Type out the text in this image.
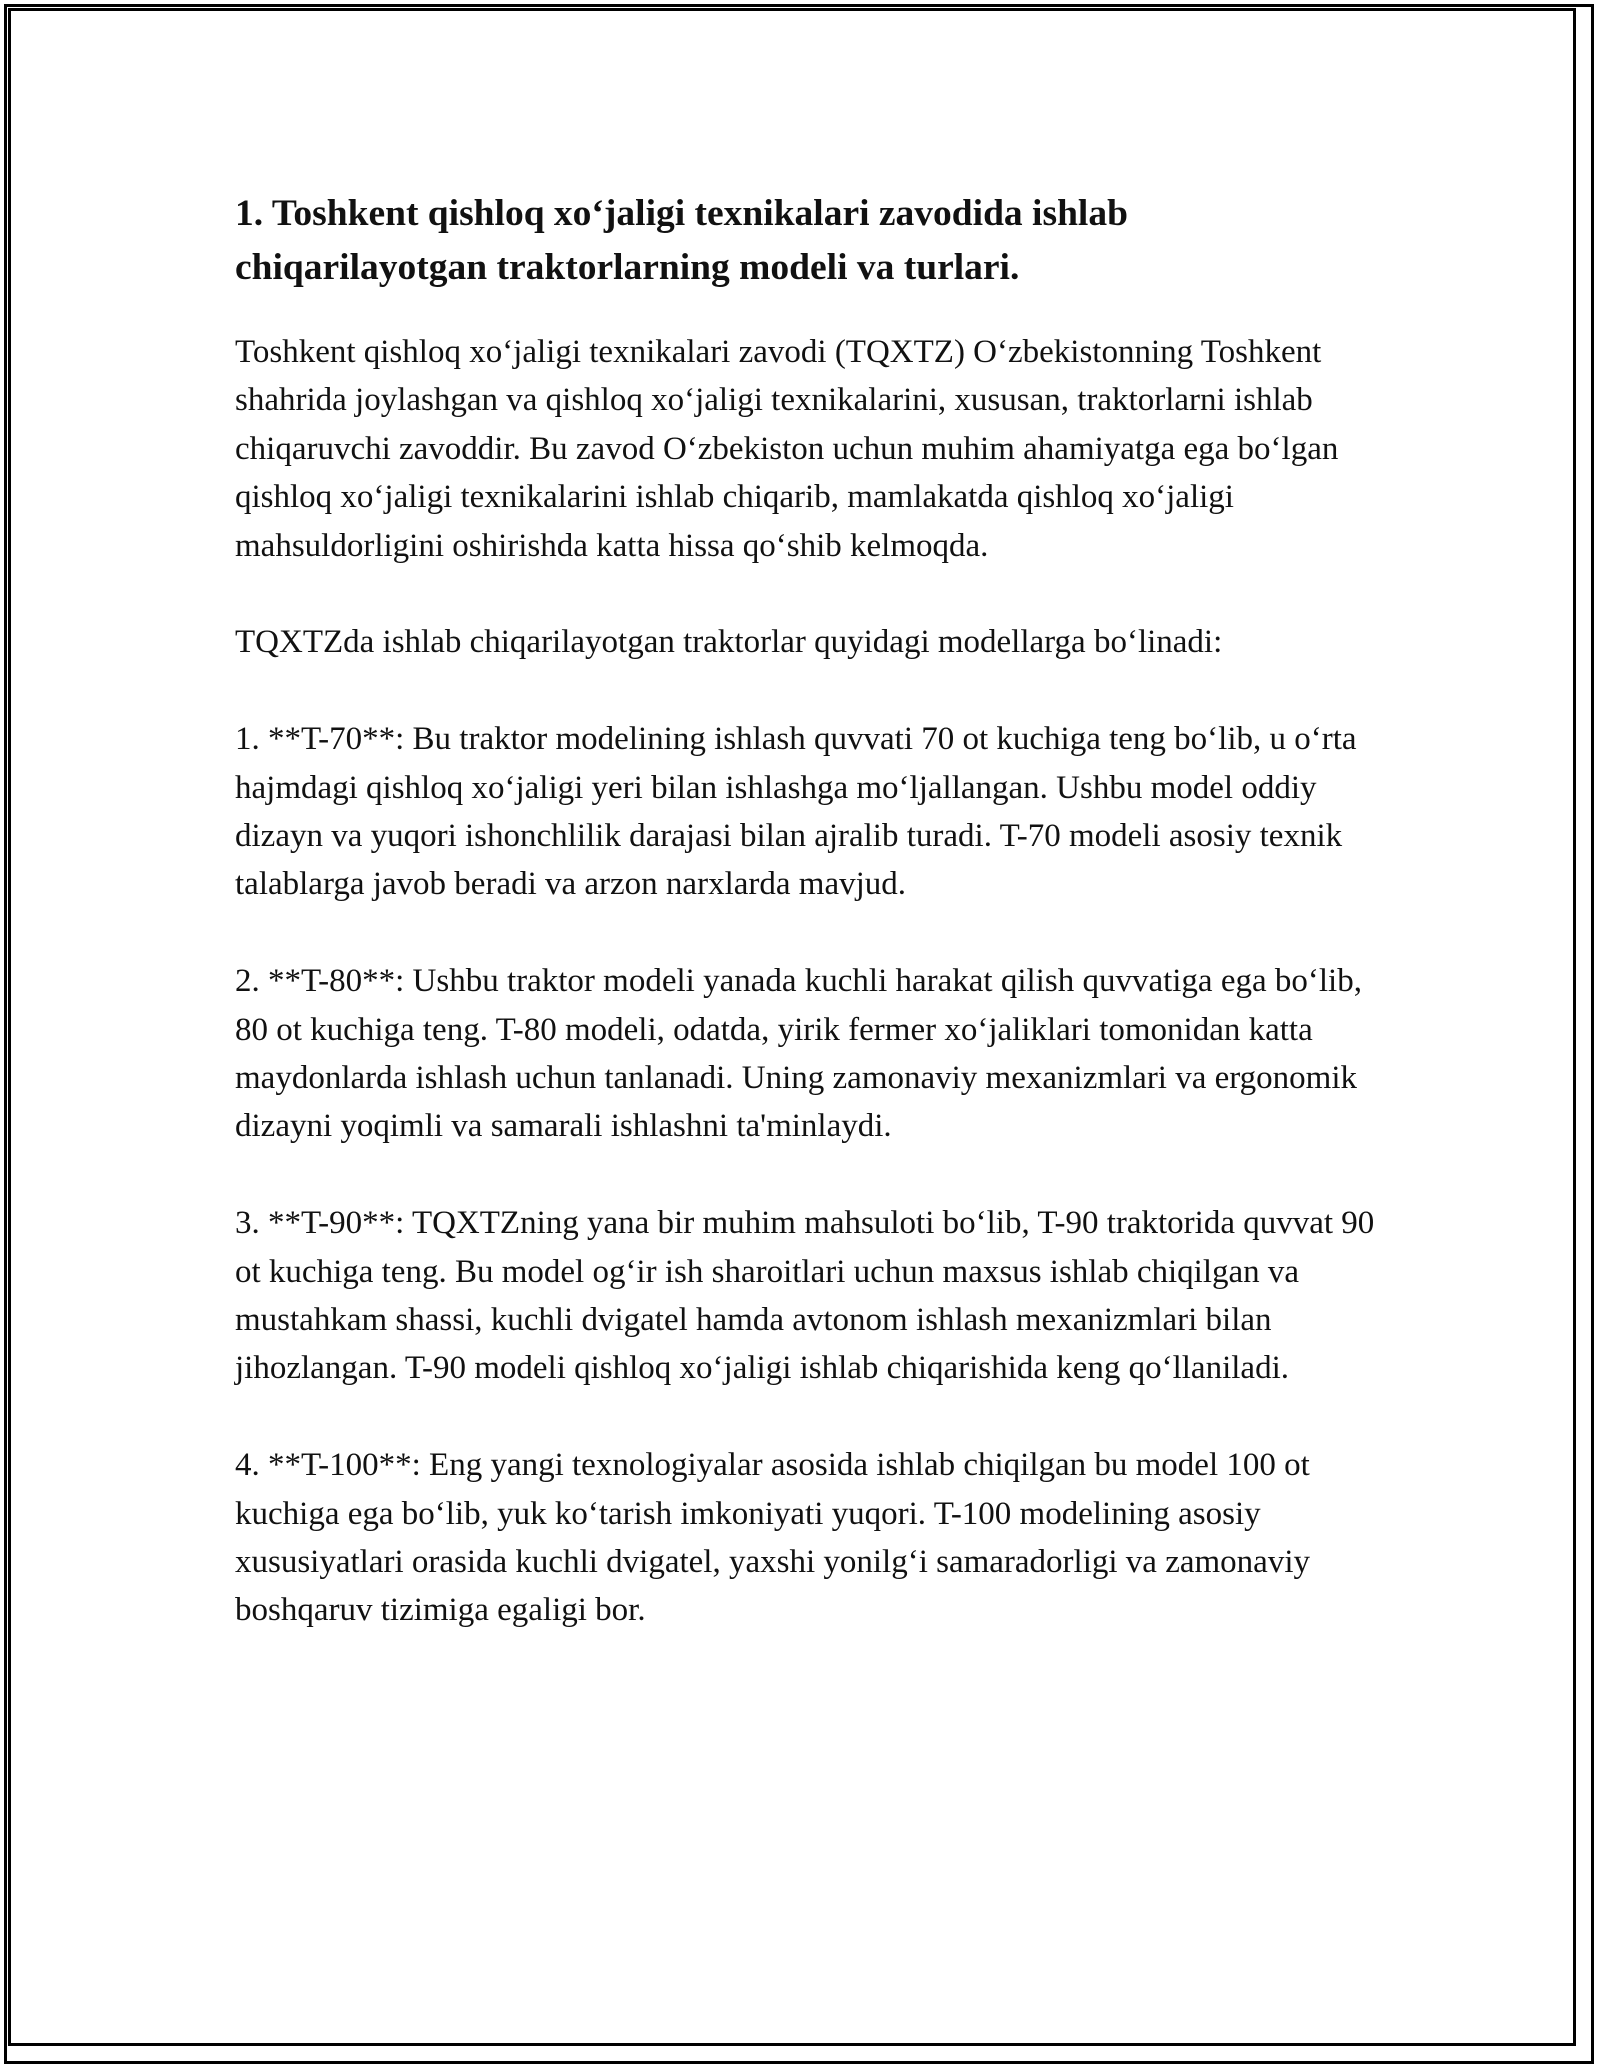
1. Toshkent qishloq xo‘jaligi texnikalari zavodida ishlab chiqarilayotgan traktorlarning modeli va turlari.

Toshkent qishloq xo‘jaligi texnikalari zavodi (TQXTZ) O‘zbekistonning Toshkent shahrida joylashgan va qishloq xo‘jaligi texnikalarini, xususan, traktorlarni ishlab chiqaruvchi zavoddir. Bu zavod O‘zbekiston uchun muhim ahamiyatga ega bo‘lgan qishloq xo‘jaligi texnikalarini ishlab chiqarib, mamlakatda qishloq xo‘jaligi mahsuldorligini oshirishda katta hissa qo‘shib kelmoqda.

TQXTZda ishlab chiqarilayotgan traktorlar quyidagi modellarga bo‘linadi:

1. **T-70**: Bu traktor modelining ishlash quvvati 70 ot kuchiga teng bo‘lib, u o‘rta hajmdagi qishloq xo‘jaligi yeri bilan ishlashga mo‘ljallangan. Ushbu model oddiy dizayn va yuqori ishonchlilik darajasi bilan ajralib turadi. T-70 modeli asosiy texnik talablarga javob beradi va arzon narxlarda mavjud.

2. **T-80**: Ushbu traktor modeli yanada kuchli harakat qilish quvvatiga ega bo‘lib, 80 ot kuchiga teng. T-80 modeli, odatda, yirik fermer xo‘jaliklari tomonidan katta maydonlarda ishlash uchun tanlanadi. Uning zamonaviy mexanizmlari va ergonomik dizayni yoqimli va samarali ishlashni ta'minlaydi.

3. **T-90**: TQXTZning yana bir muhim mahsuloti bo‘lib, T-90 traktorida quvvat 90 ot kuchiga teng. Bu model og‘ir ish sharoitlari uchun maxsus ishlab chiqilgan va mustahkam shassi, kuchli dvigatel hamda avtonom ishlash mexanizmlari bilan jihozlangan. T-90 modeli qishloq xo‘jaligi ishlab chiqarishida keng qo‘llaniladi.

4. **T-100**: Eng yangi texnologiyalar asosida ishlab chiqilgan bu model 100 ot kuchiga ega bo‘lib, yuk ko‘tarish imkoniyati yuqori. T-100 modelining asosiy xususiyatlari orasida kuchli dvigatel, yaxshi yonilg‘i samaradorligi va zamonaviy boshqaruv tizimiga egaligi bor.
